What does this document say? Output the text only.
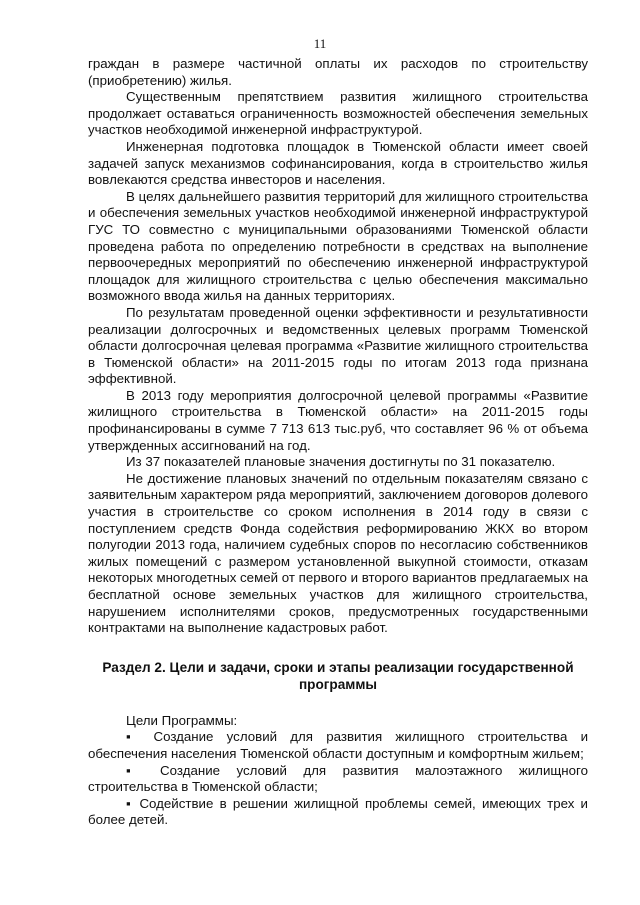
11

граждан в размере частичной оплаты их расходов по строительству (приобретению) жилья.

Существенным препятствием развития жилищного строительства продолжает оставаться ограниченность возможностей обеспечения земельных участков необходимой инженерной инфраструктурой.

Инженерная подготовка площадок в Тюменской области имеет своей задачей запуск механизмов софинансирования, когда в строительство жилья вовлекаются средства инвесторов и населения.

В целях дальнейшего развития территорий для жилищного строительства и обеспечения земельных участков необходимой инженерной инфраструктурой ГУС ТО совместно с муниципальными образованиями Тюменской области проведена работа по определению потребности в средствах на выполнение первоочередных мероприятий по обеспечению инженерной инфраструктурой площадок для жилищного строительства с целью обеспечения максимально возможного ввода жилья на данных территориях.

По результатам проведенной оценки эффективности и результативности реализации долгосрочных и ведомственных целевых программ Тюменской области долгосрочная целевая программа «Развитие жилищного строительства в Тюменской области» на 2011-2015 годы по итогам 2013 года признана эффективной.

В 2013 году мероприятия долгосрочной целевой программы «Развитие жилищного строительства в Тюменской области» на 2011-2015 годы профинансированы в сумме 7 713 613 тыс.руб, что составляет 96 % от объема утвержденных ассигнований на год.

Из 37 показателей плановые значения достигнуты по 31 показателю.

Не достижение плановых значений по отдельным показателям связано с заявительным характером ряда мероприятий, заключением договоров долевого участия в строительстве со сроком исполнения в 2014 году в связи с поступлением средств Фонда содействия реформированию ЖКХ во втором полугодии 2013 года, наличием судебных споров по несогласию собственников жилых помещений с размером установленной выкупной стоимости, отказам некоторых многодетных семей от первого и второго вариантов предлагаемых на бесплатной основе земельных участков для жилищного строительства, нарушением исполнителями сроков, предусмотренных государственными контрактами на выполнение кадастровых работ.

Раздел 2. Цели и задачи, сроки и этапы реализации государственной программы

Цели Программы:

▪ Создание условий для развития жилищного строительства и обеспечения населения Тюменской области доступным и комфортным жильем;

▪ Создание условий для развития малоэтажного жилищного строительства в Тюменской области;

▪ Содействие в решении жилищной проблемы семей, имеющих трех и более детей.
